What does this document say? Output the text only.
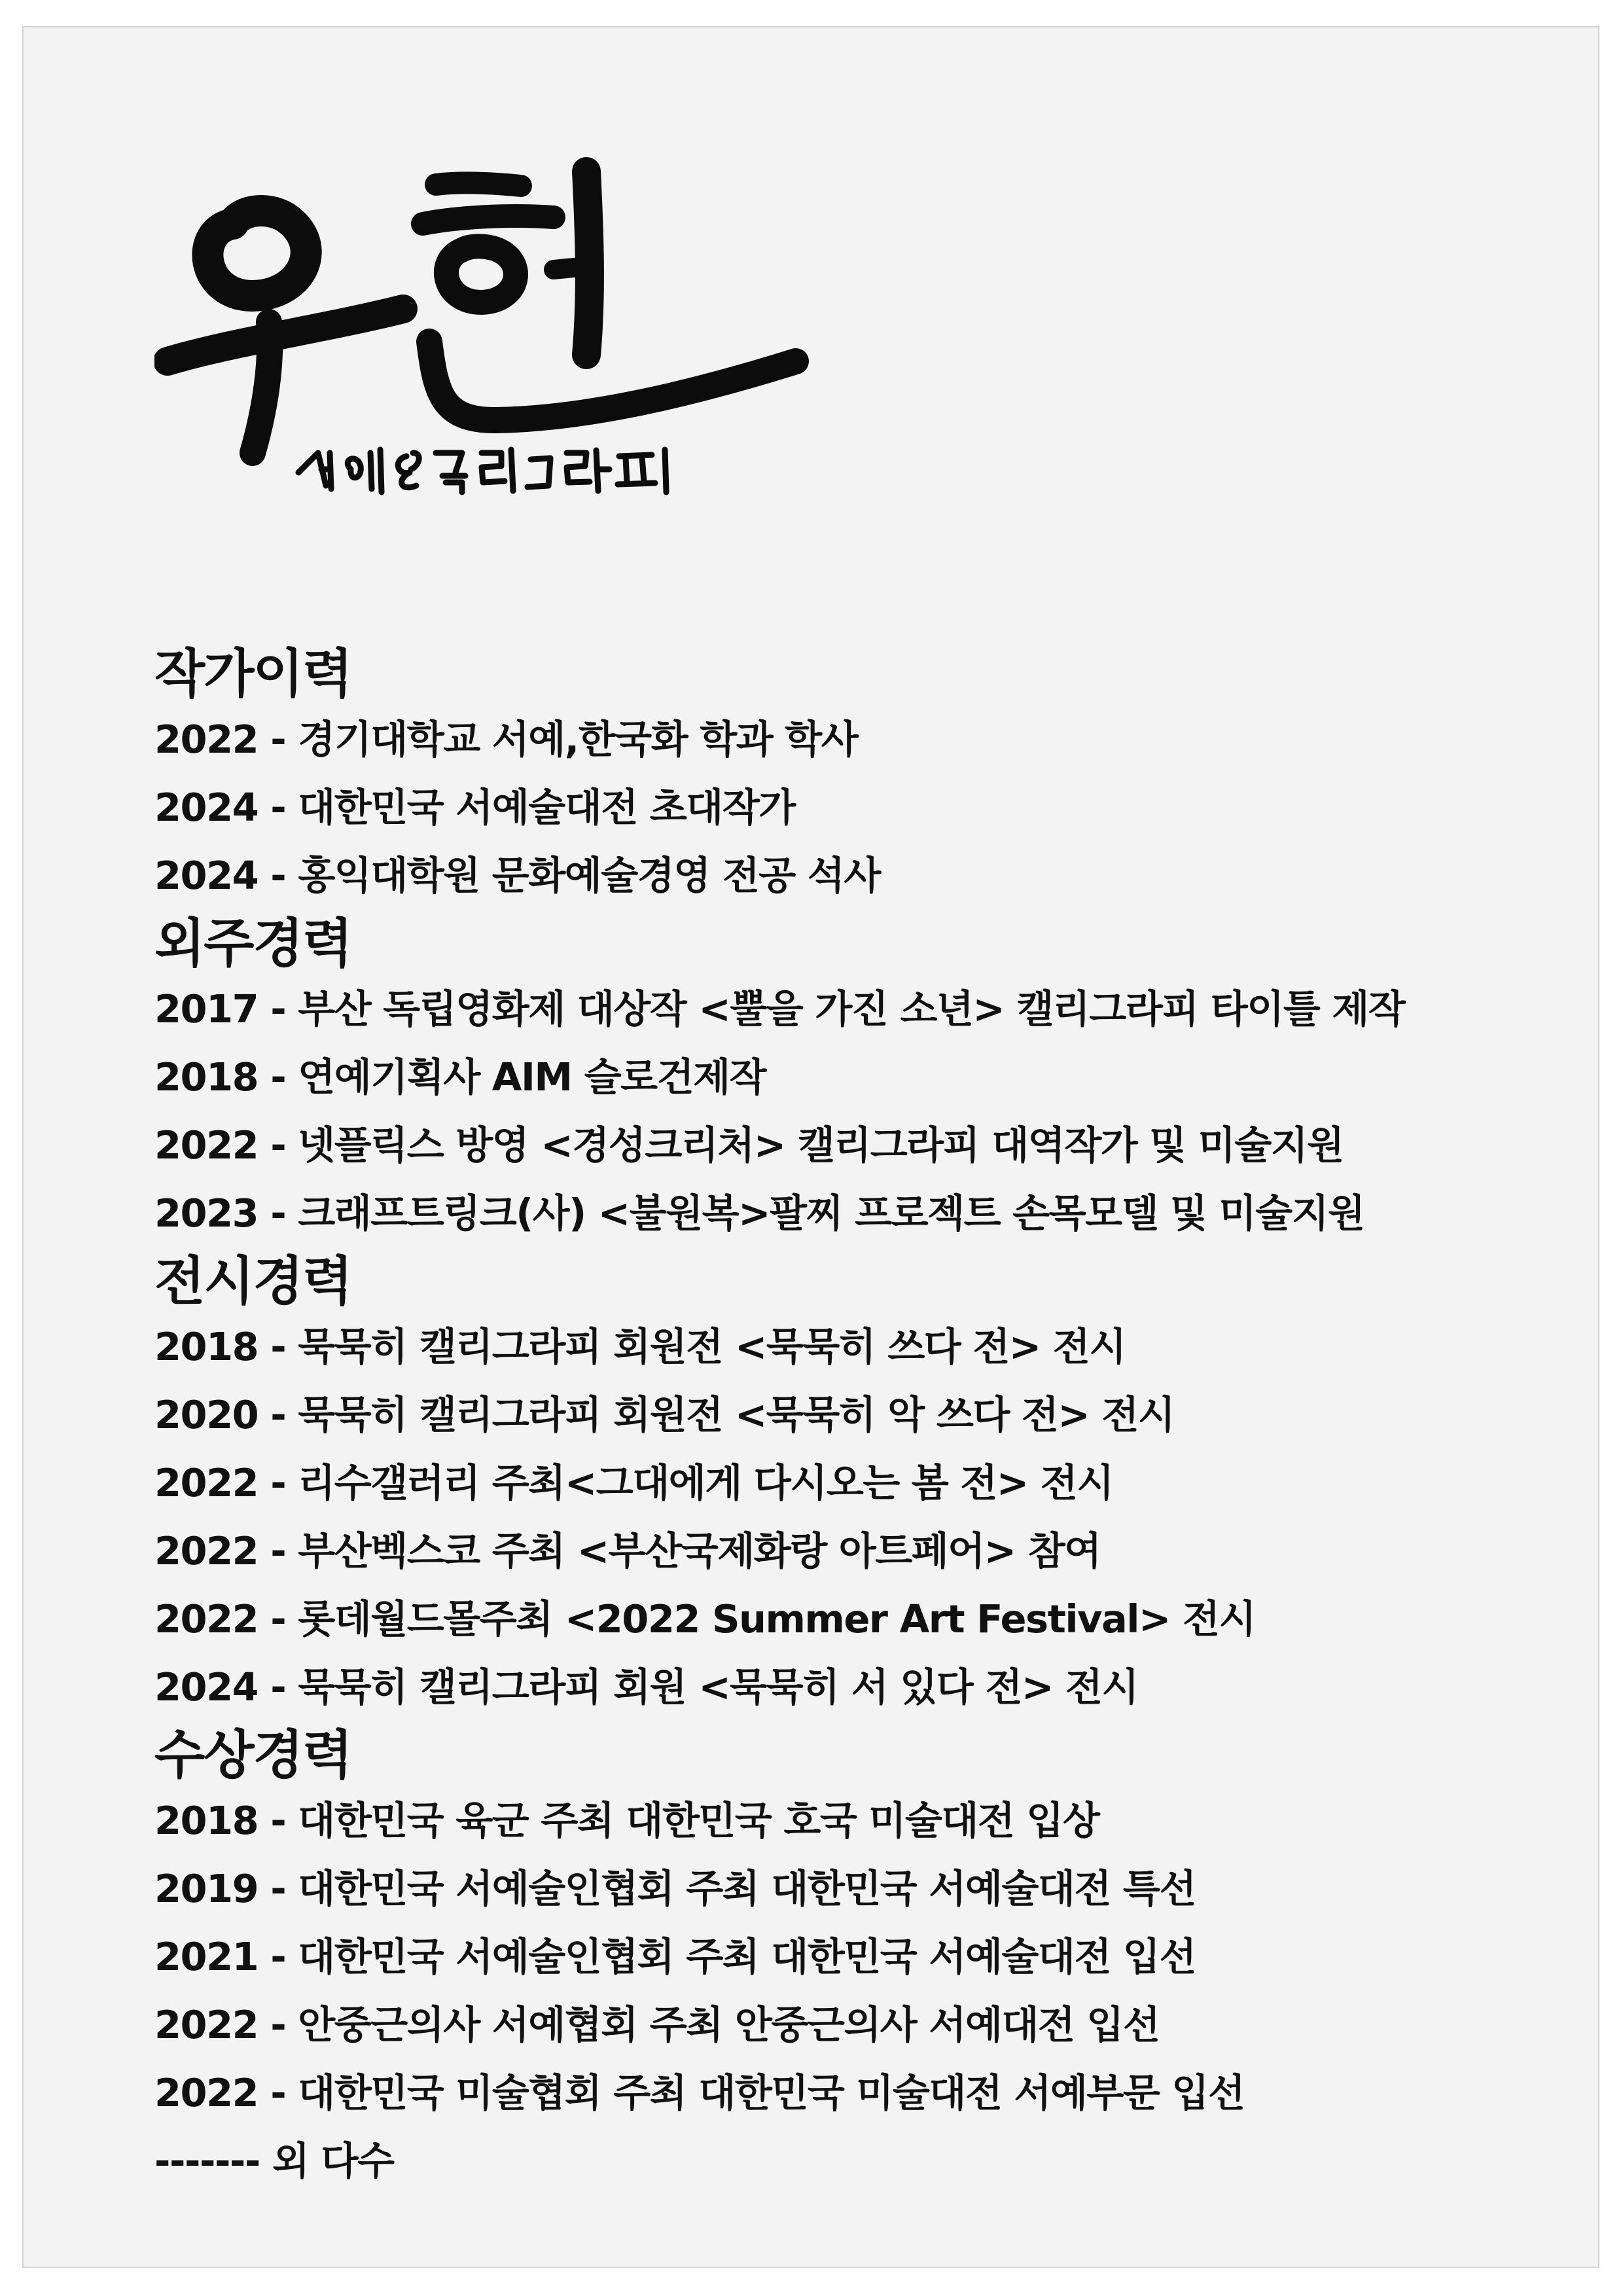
작가이력
2022 - 경기대학교 서예,한국화 학과 학사
2024 - 대한민국 서예술대전 초대작가
2024 - 홍익대학원 문화예술경영 전공 석사
외주경력
2017 - 부산 독립영화제 대상작 <뿔을 가진 소년> 캘리그라피 타이틀 제작
2018 - 연예기획사 AIM 슬로건제작
2022 - 넷플릭스 방영 <경성크리처> 캘리그라피 대역작가 및 미술지원
2023 - 크래프트링크(사) <불원복>팔찌 프로젝트 손목모델 및 미술지원
전시경력
2018 - 묵묵히 캘리그라피 회원전 <묵묵히 쓰다 전> 전시
2020 - 묵묵히 캘리그라피 회원전 <묵묵히 악 쓰다 전> 전시
2022 - 리수갤러리 주최<그대에게 다시오는 봄 전> 전시
2022 - 부산벡스코 주최 <부산국제화랑 아트페어> 참여
2022 - 롯데월드몰주최 <2022 Summer Art Festival> 전시
2024 - 묵묵히 캘리그라피 회원 <묵묵히 서 있다 전> 전시
수상경력
2018 - 대한민국 육군 주최 대한민국 호국 미술대전 입상
2019 - 대한민국 서예술인협회 주최 대한민국 서예술대전 특선
2021 - 대한민국 서예술인협회 주최 대한민국 서예술대전 입선
2022 - 안중근의사 서예협회 주최 안중근의사 서예대전 입선
2022 - 대한민국 미술협회 주최 대한민국 미술대전 서예부문 입선
------- 외 다수
